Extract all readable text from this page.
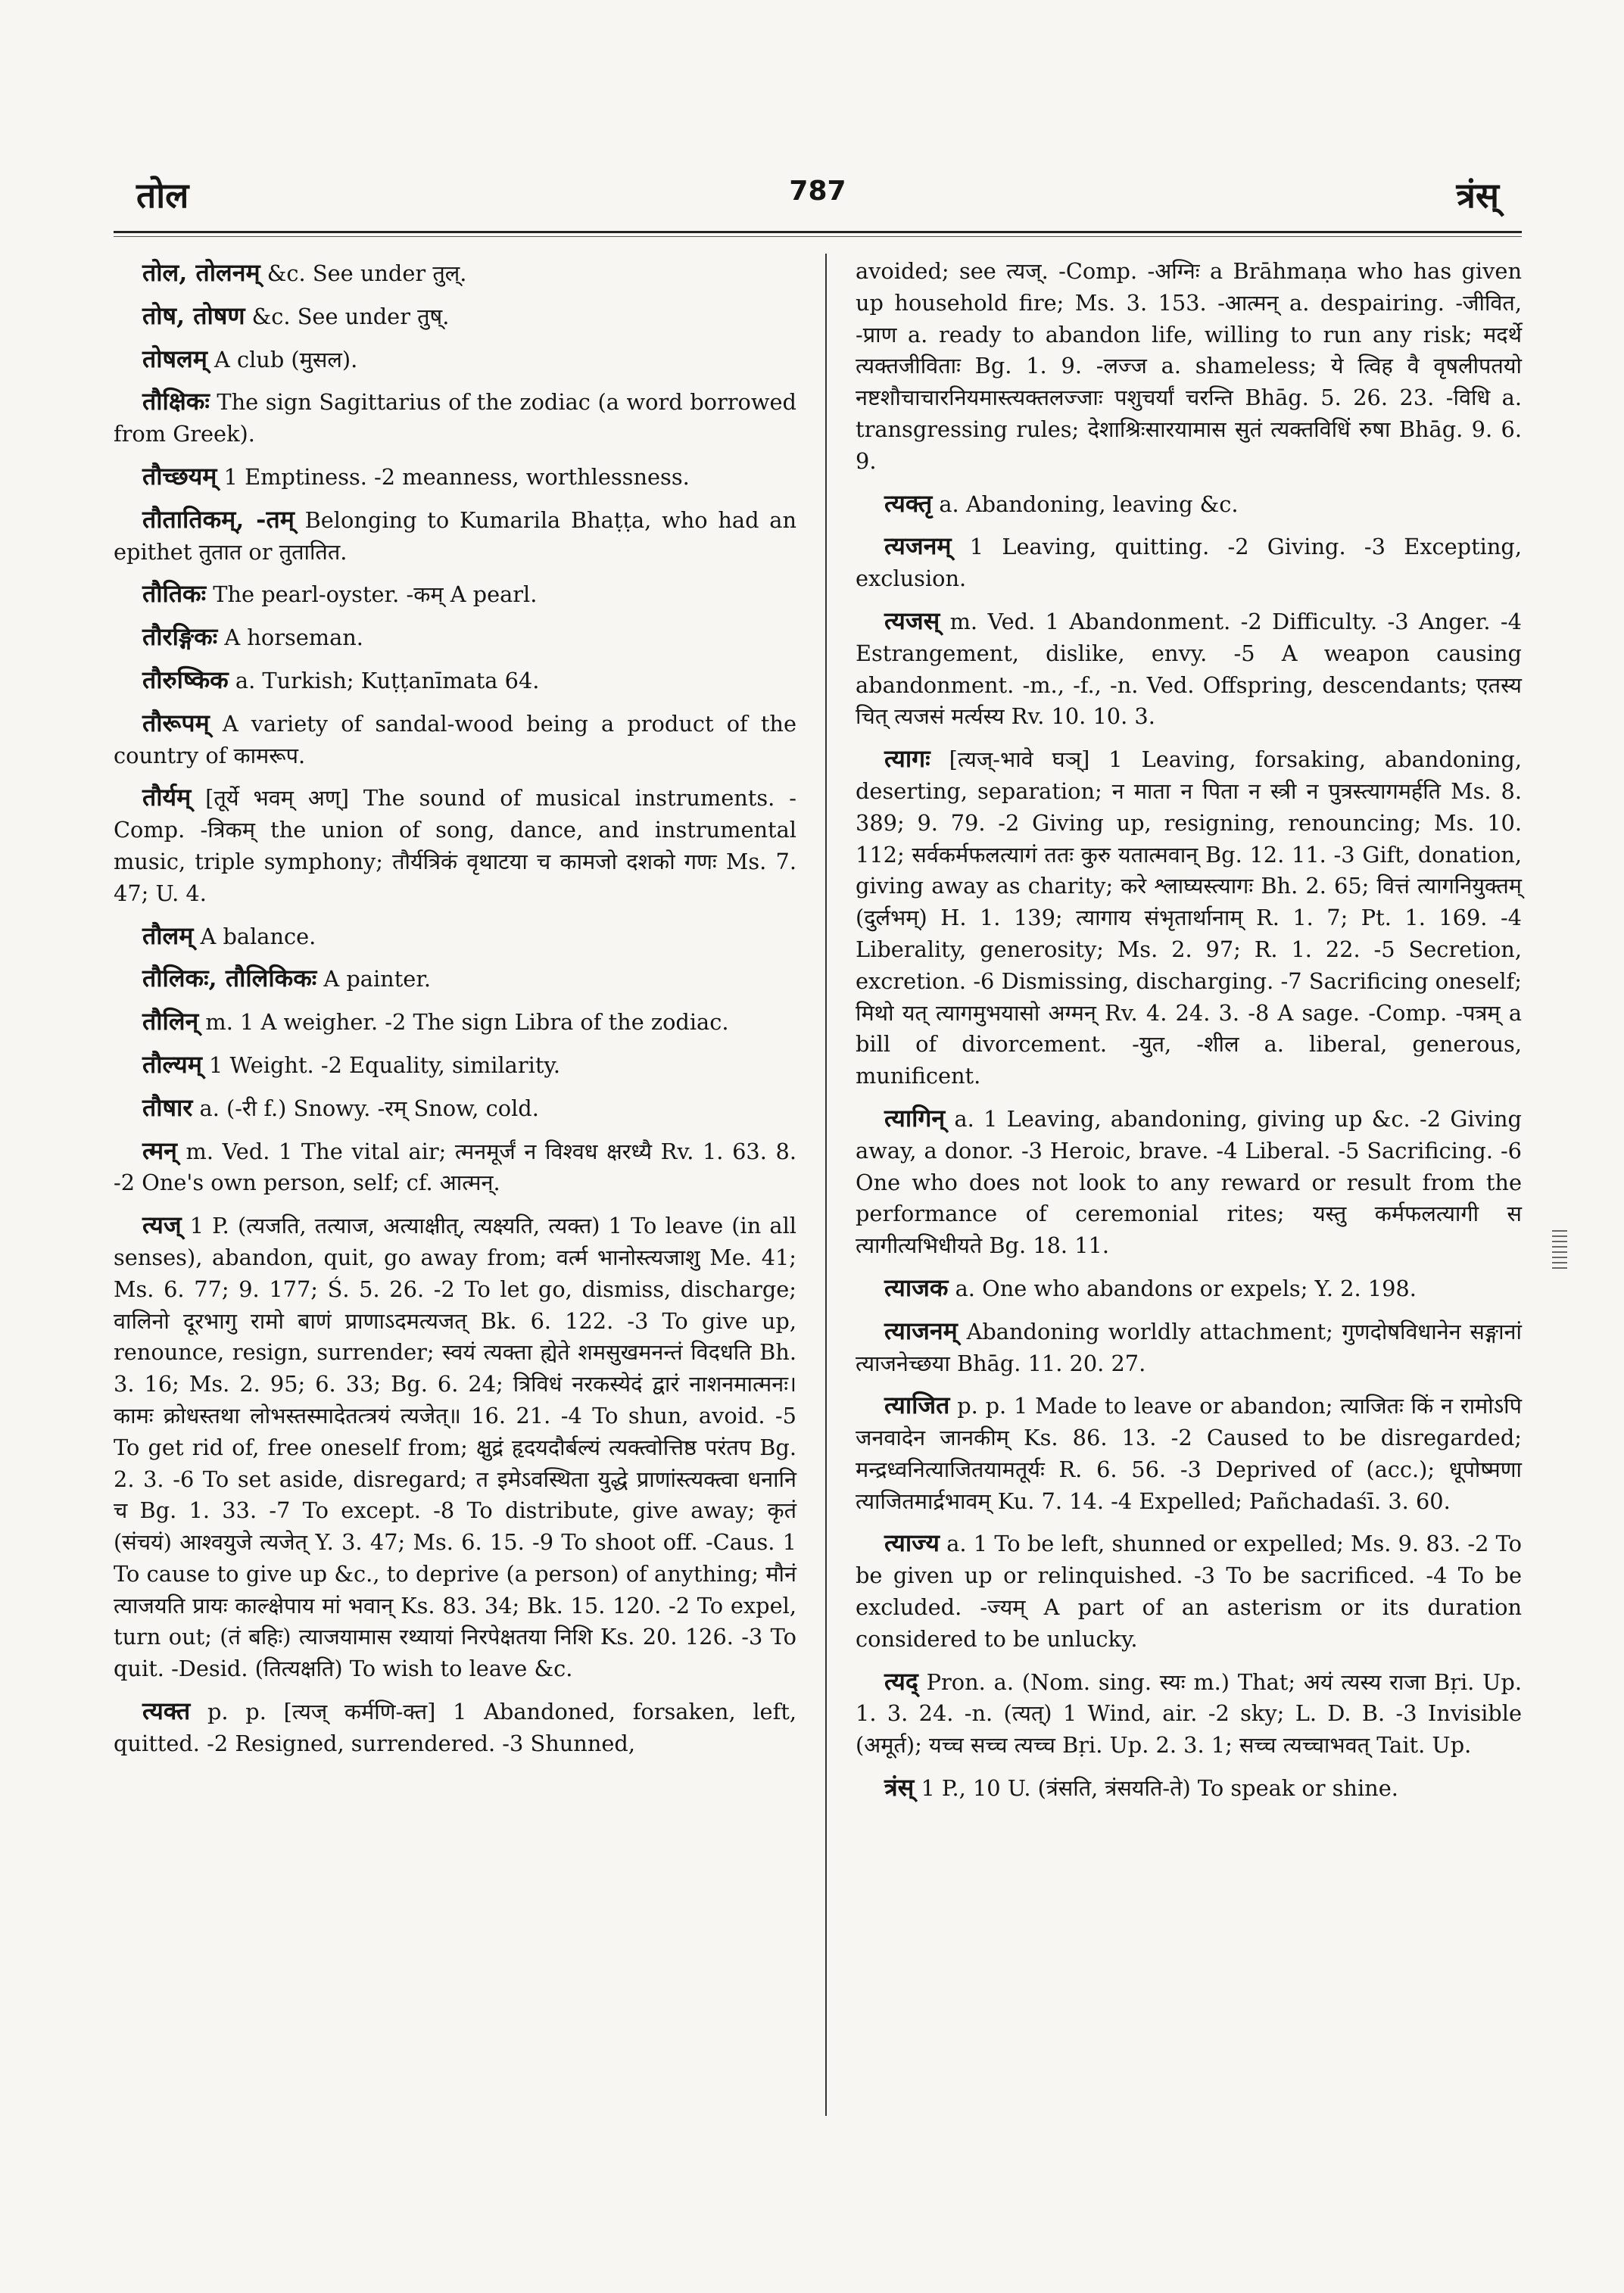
तोल	787	त्रंस्

तोल, तोलनम् &c. See under तुल्.

तोष, तोषण &c. See under तुष्.

तोषलम् A club (मुसल).

तौक्षिकः The sign Sagittarius of the zodiac (a word borrowed from Greek).

तौच्छयम् 1 Emptiness. -2 meanness, worthlessness.

तौतातिकम्, -तम् Belonging to Kumarila Bhaṭṭa, who had an epithet तुतात or तुतातित.

तौतिकः The pearl-oyster. -कम् A pearl.

तौरङ्गिकः A horseman.

तौरुष्किक a. Turkish; Kuṭṭanīmata 64.

तौरूपम् A variety of sandal-wood being a product of the country of कामरूप.

तौर्यम् [तूर्ये भवम् अण्] The sound of musical instruments. -Comp. -त्रिकम् the union of song, dance, and instrumental music, triple symphony; तौर्यत्रिकं वृथाटया च कामजो दशको गणः Ms. 7. 47; U. 4.

तौलम् A balance.

तौलिकः, तौलिकिकः A painter.

तौलिन् m. 1 A weigher. -2 The sign Libra of the zodiac.

तौल्यम् 1 Weight. -2 Equality, similarity.

तौषार a. (-री f.) Snowy. -रम् Snow, cold.

त्मन् m. Ved. 1 The vital air; त्मनमूर्जं न विश्वध क्षरध्यै Rv. 1. 63. 8. -2 One's own person, self; cf. आत्मन्.

त्यज् 1 P. (त्यजति, तत्याज, अत्याक्षीत्, त्यक्ष्यति, त्यक्त) 1 To leave (in all senses), abandon, quit, go away from; वर्त्म भानोस्त्यजाशु Me. 41; Ms. 6. 77; 9. 177; Ś. 5. 26. -2 To let go, dismiss, discharge; वालिनो दूरभागु रामो बाणं प्राणाऽदमत्यजत् Bk. 6. 122. -3 To give up, renounce, resign, surrender; स्वयं त्यक्ता ह्येते शमसुखमनन्तं विदधति Bh. 3. 16; Ms. 2. 95; 6. 33; Bg. 6. 24; त्रिविधं नरकस्येदं द्वारं नाशनमात्मनः। कामः क्रोधस्तथा लोभस्तस्मादेतत्त्रयं त्यजेत्॥ 16. 21. -4 To shun, avoid. -5 To get rid of, free oneself from; क्षुद्रं हृदयदौर्बल्यं त्यक्त्वोत्तिष्ठ परंतप Bg. 2. 3. -6 To set aside, disregard; त इमेऽवस्थिता युद्धे प्राणांस्त्यक्त्वा धनानि च Bg. 1. 33. -7 To except. -8 To distribute, give away; कृतं (संचयं) आश्वयुजे त्यजेत् Y. 3. 47; Ms. 6. 15. -9 To shoot off. -Caus. 1 To cause to give up &c., to deprive (a person) of anything; मौनं त्याजयति प्रायः काल्क्षेपाय मां भवान् Ks. 83. 34; Bk. 15. 120. -2 To expel, turn out; (तं बहिः) त्याजयामास रथ्यायां निरपेक्षतया निशि Ks. 20. 126. -3 To quit. -Desid. (तित्यक्षति) To wish to leave &c.

त्यक्त p. p. [त्यज् कर्मणि-क्त] 1 Abandoned, forsaken, left, quitted. -2 Resigned, surrendered. -3 Shunned,

avoided; see त्यज्. -Comp. -अग्निः a Brāhmaṇa who has given up household fire; Ms. 3. 153. -आत्मन् a. despairing. -जीवित, -प्राण a. ready to abandon life, willing to run any risk; मदर्थे त्यक्तजीविताः Bg. 1. 9. -लज्ज a. shameless; ये त्विह वै वृषलीपतयो नष्टशौचाचारनियमास्त्यक्तलज्जाः पशुचर्यां चरन्ति Bhāg. 5. 26. 23. -विधि a. transgressing rules; देशाश्रिःसारयामास सुतं त्यक्तविधिं रुषा Bhāg. 9. 6. 9.

त्यक्तृ a. Abandoning, leaving &c.

त्यजनम् 1 Leaving, quitting. -2 Giving. -3 Excepting, exclusion.

त्यजस् m. Ved. 1 Abandonment. -2 Difficulty. -3 Anger. -4 Estrangement, dislike, envy. -5 A weapon causing abandonment. -m., -f., -n. Ved. Offspring, descendants; एतस्य चित् त्यजसं मर्त्यस्य Rv. 10. 10. 3.

त्यागः [त्यज्-भावे घञ्] 1 Leaving, forsaking, abandoning, deserting, separation; न माता न पिता न स्त्री न पुत्रस्त्यागमर्हति Ms. 8. 389; 9. 79. -2 Giving up, resigning, renouncing; Ms. 10. 112; सर्वकर्मफलत्यागं ततः कुरु यतात्मवान् Bg. 12. 11. -3 Gift, donation, giving away as charity; करे श्लाघ्यस्त्यागः Bh. 2. 65; वित्तं त्यागनियुक्तम् (दुर्लभम्) H. 1. 139; त्यागाय संभृतार्थानाम् R. 1. 7; Pt. 1. 169. -4 Liberality, generosity; Ms. 2. 97; R. 1. 22. -5 Secretion, excretion. -6 Dismissing, discharging. -7 Sacrificing oneself; मिथो यत् त्यागमुभयासो अग्मन् Rv. 4. 24. 3. -8 A sage. -Comp. -पत्रम् a bill of divorcement. -युत, -शील a. liberal, generous, munificent.

त्यागिन् a. 1 Leaving, abandoning, giving up &c. -2 Giving away, a donor. -3 Heroic, brave. -4 Liberal. -5 Sacrificing. -6 One who does not look to any reward or result from the performance of ceremonial rites; यस्तु कर्मफलत्यागी स त्यागीत्यभिधीयते Bg. 18. 11.

त्याजक a. One who abandons or expels; Y. 2. 198.

त्याजनम् Abandoning worldly attachment; गुणदोषविधानेन सङ्गानां त्याजनेच्छया Bhāg. 11. 20. 27.

त्याजित p. p. 1 Made to leave or abandon; त्याजितः किं न रामोऽपि जनवादेन जानकीम् Ks. 86. 13. -2 Caused to be disregarded; मन्द्रध्वनित्याजितयामतूर्यः R. 6. 56. -3 Deprived of (acc.); धूपोष्मणा त्याजितमार्द्रभावम् Ku. 7. 14. -4 Expelled; Pañchadaśī. 3. 60.

त्याज्य a. 1 To be left, shunned or expelled; Ms. 9. 83. -2 To be given up or relinquished. -3 To be sacrificed. -4 To be excluded. -ज्यम् A part of an asterism or its duration considered to be unlucky.

त्यद् Pron. a. (Nom. sing. स्यः m.) That; अयं त्यस्य राजा Bṛi. Up. 1. 3. 24. -n. (त्यत्) 1 Wind, air. -2 sky; L. D. B. -3 Invisible (अमूर्त); यच्च सच्च त्यच्च Bṛi. Up. 2. 3. 1; सच्च त्यच्चाभवत् Tait. Up.

त्रंस् 1 P., 10 U. (त्रंसति, त्रंसयति-ते) To speak or shine.
